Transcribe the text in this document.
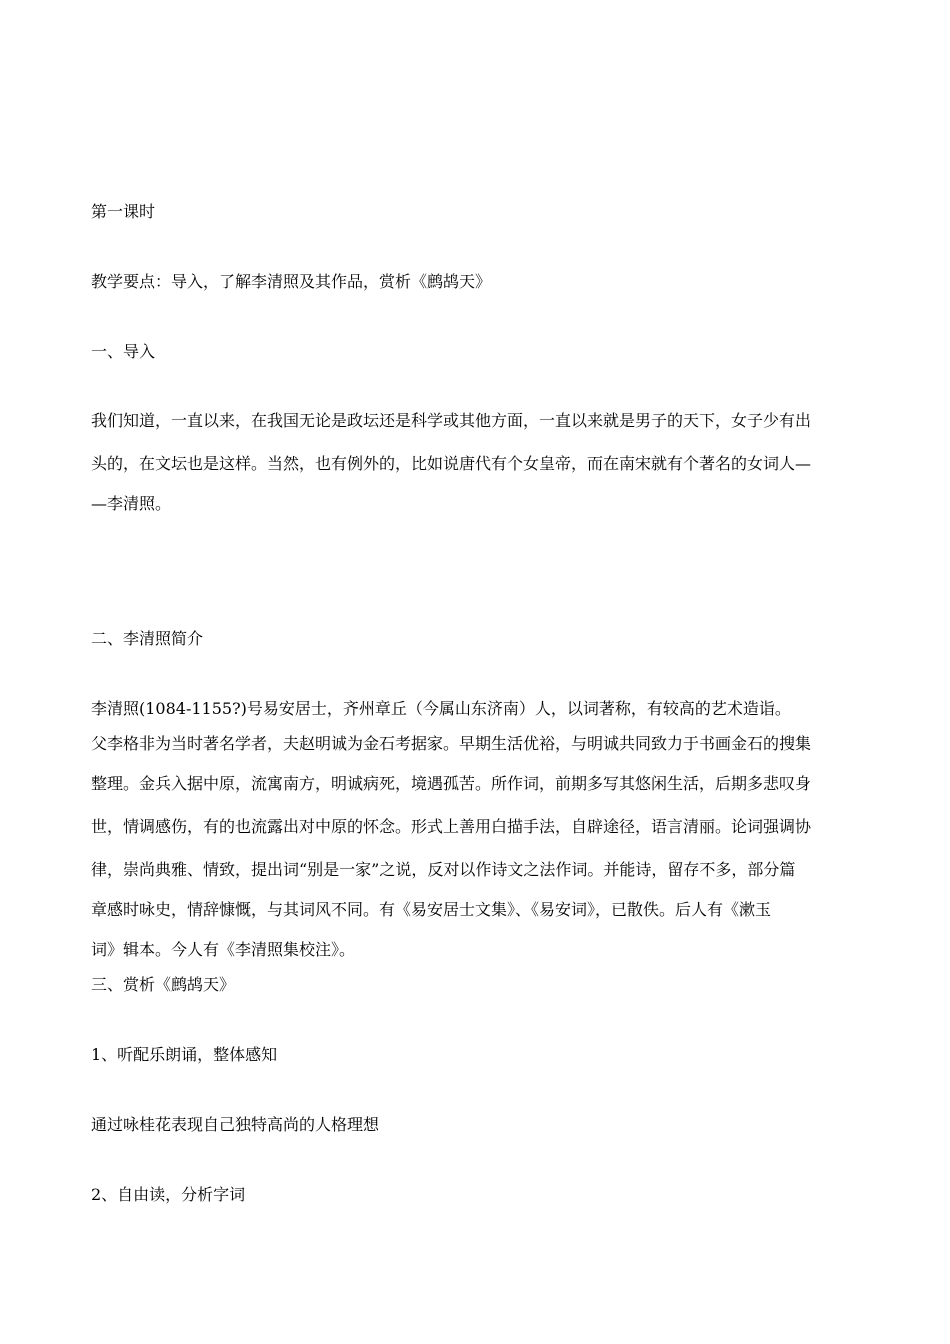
第一课时
教学要点：导入，了解李清照及其作品，赏析《鹧鸪天》
一、导入
我们知道，一直以来，在我国无论是政坛还是科学或其他方面，一直以来就是男子的天下，女子少有出
头的，在文坛也是这样。当然，也有例外的，比如说唐代有个女皇帝，而在南宋就有个著名的女词人—
—李清照。
二、李清照简介
李清照(1084-1155?)号易安居士，齐州章丘（今属山东济南）人，以词著称，有较高的艺术造诣。
父李格非为当时著名学者，夫赵明诚为金石考据家。早期生活优裕，与明诚共同致力于书画金石的搜集
整理。金兵入据中原，流寓南方，明诚病死，境遇孤苦。所作词，前期多写其悠闲生活，后期多悲叹身
世，情调感伤，有的也流露出对中原的怀念。形式上善用白描手法，自辟途径，语言清丽。论词强调协
律，崇尚典雅、情致，提出词“别是一家”之说，反对以作诗文之法作词。并能诗，留存不多，部分篇
章感时咏史，情辞慷慨，与其词风不同。有《易安居士文集》、《易安词》，已散佚。后人有《漱玉
词》辑本。今人有《李清照集校注》。
三、赏析《鹧鸪天》
1、听配乐朗诵，整体感知
通过咏桂花表现自己独特高尚的人格理想
2、自由读，分析字词
